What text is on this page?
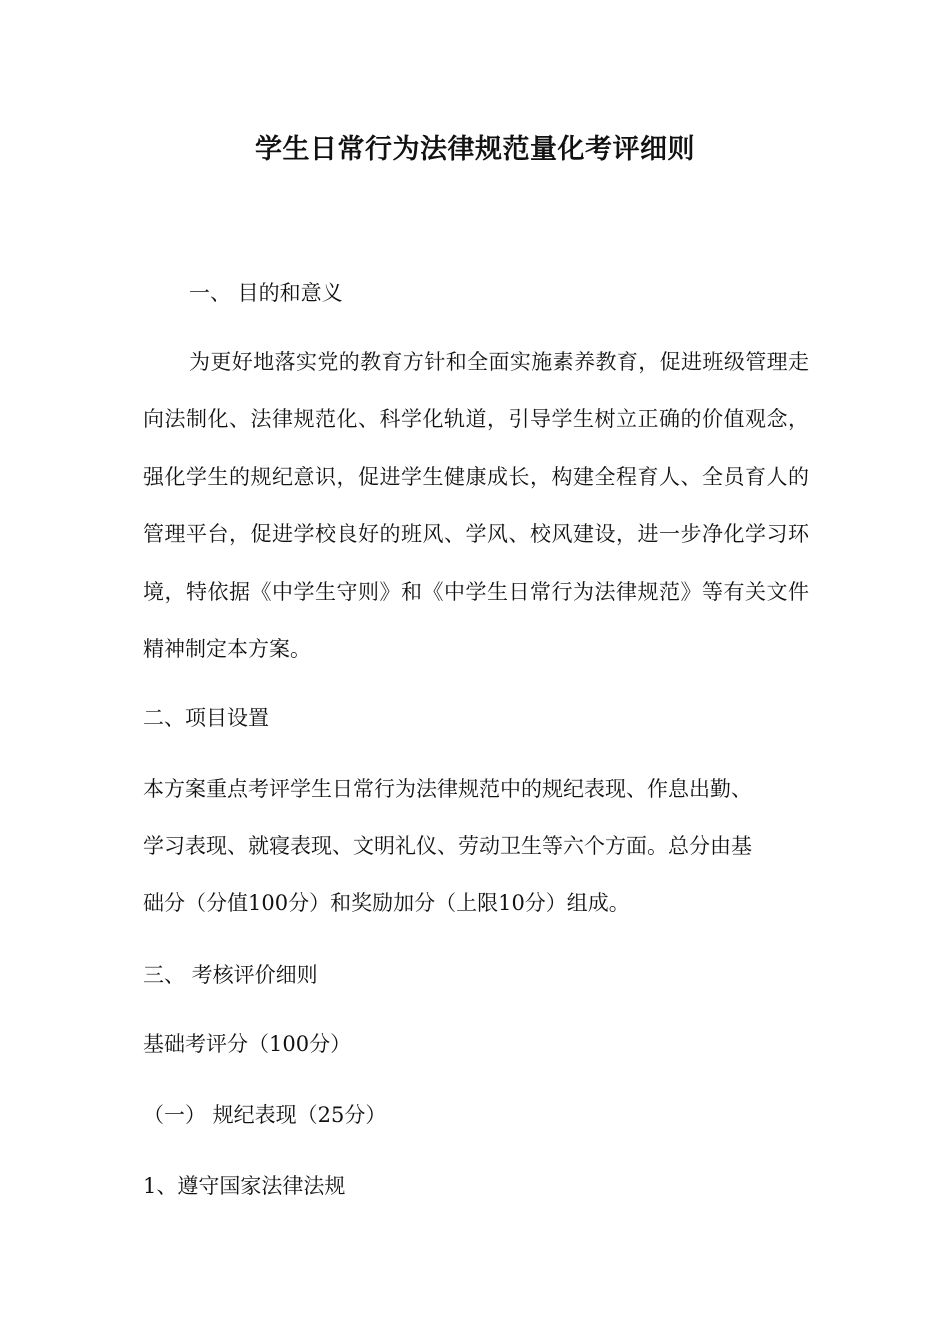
学生日常行为法律规范量化考评细则

一、 目的和意义

为更好地落实党的教育方针和全面实施素养教育，促进班级管理走向法制化、法律规范化、科学化轨道，引导学生树立正确的价值观念，强化学生的规纪意识，促进学生健康成长，构建全程育人、全员育人的管理平台，促进学校良好的班风、学风、校风建设，进一步净化学习环境，特依据《中学生守则》和《中学生日常行为法律规范》等有关文件精神制定本方案。

二、项目设置

本方案重点考评学生日常行为法律规范中的规纪表现、作息出勤、

学习表现、就寝表现、文明礼仪、劳动卫生等六个方面。总分由基

础分（分值100分）和奖励加分（上限10分）组成。

三、 考核评价细则

基础考评分（100分）

（一） 规纪表现（25分）

1、遵守国家法律法规
